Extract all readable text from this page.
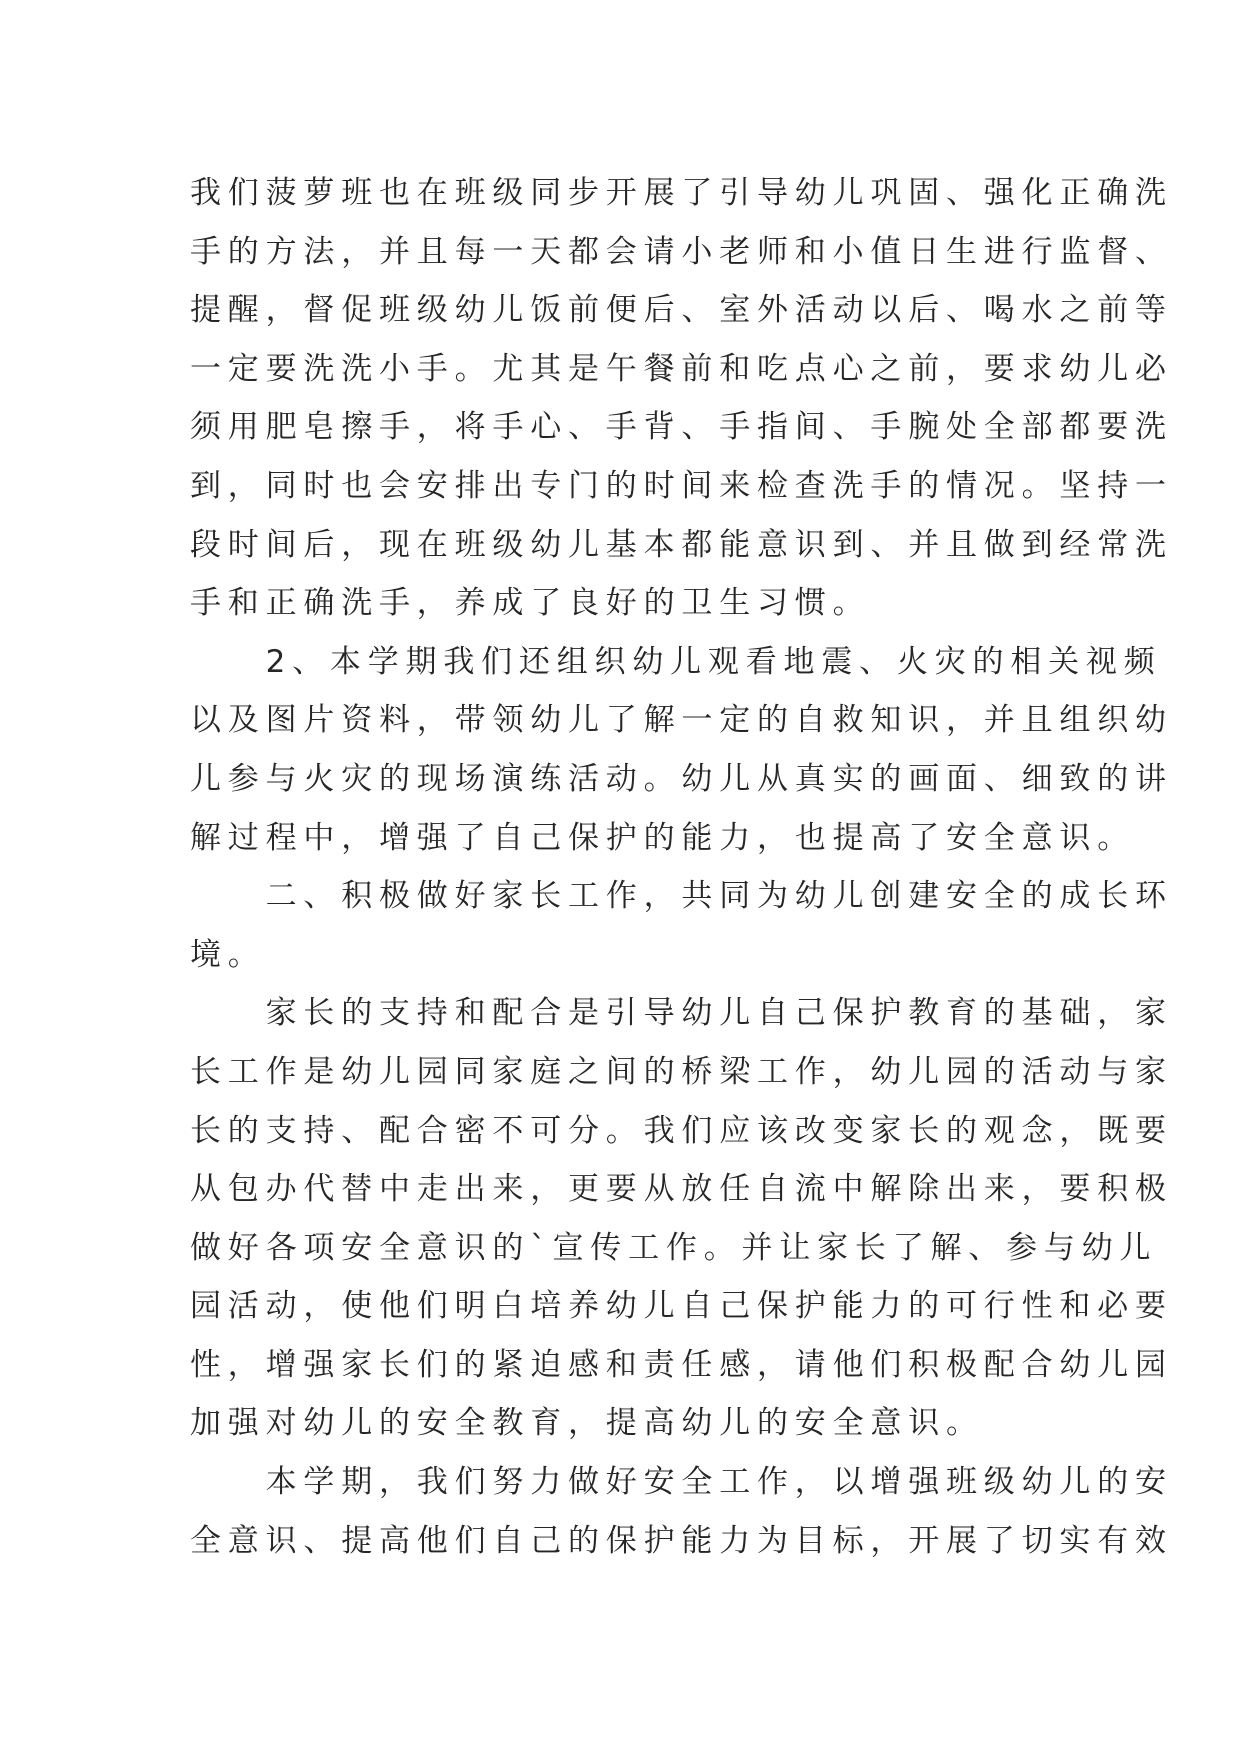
我们菠萝班也在班级同步开展了引导幼儿巩固、强化正确洗
手的方法，并且每一天都会请小老师和小值日生进行监督、
提醒，督促班级幼儿饭前便后、室外活动以后、喝水之前等
一定要洗洗小手。尤其是午餐前和吃点心之前，要求幼儿必
须用肥皂擦手，将手心、手背、手指间、手腕处全部都要洗
到，同时也会安排出专门的时间来检查洗手的情况。坚持一
段时间后，现在班级幼儿基本都能意识到、并且做到经常洗
手和正确洗手，养成了良好的卫生习惯。
　　2、本学期我们还组织幼儿观看地震、火灾的相关视频
以及图片资料，带领幼儿了解一定的自救知识，并且组织幼
儿参与火灾的现场演练活动。幼儿从真实的画面、细致的讲
解过程中，增强了自己保护的能力，也提高了安全意识。
　　二、积极做好家长工作，共同为幼儿创建安全的成长环
境。
　　家长的支持和配合是引导幼儿自己保护教育的基础，家
长工作是幼儿园同家庭之间的桥梁工作，幼儿园的活动与家
长的支持、配合密不可分。我们应该改变家长的观念，既要
从包办代替中走出来，更要从放任自流中解除出来，要积极
做好各项安全意识的`宣传工作。并让家长了解、参与幼儿
园活动，使他们明白培养幼儿自己保护能力的可行性和必要
性，增强家长们的紧迫感和责任感，请他们积极配合幼儿园
加强对幼儿的安全教育，提高幼儿的安全意识。
　　本学期，我们努力做好安全工作，以增强班级幼儿的安
全意识、提高他们自己的保护能力为目标，开展了切实有效
